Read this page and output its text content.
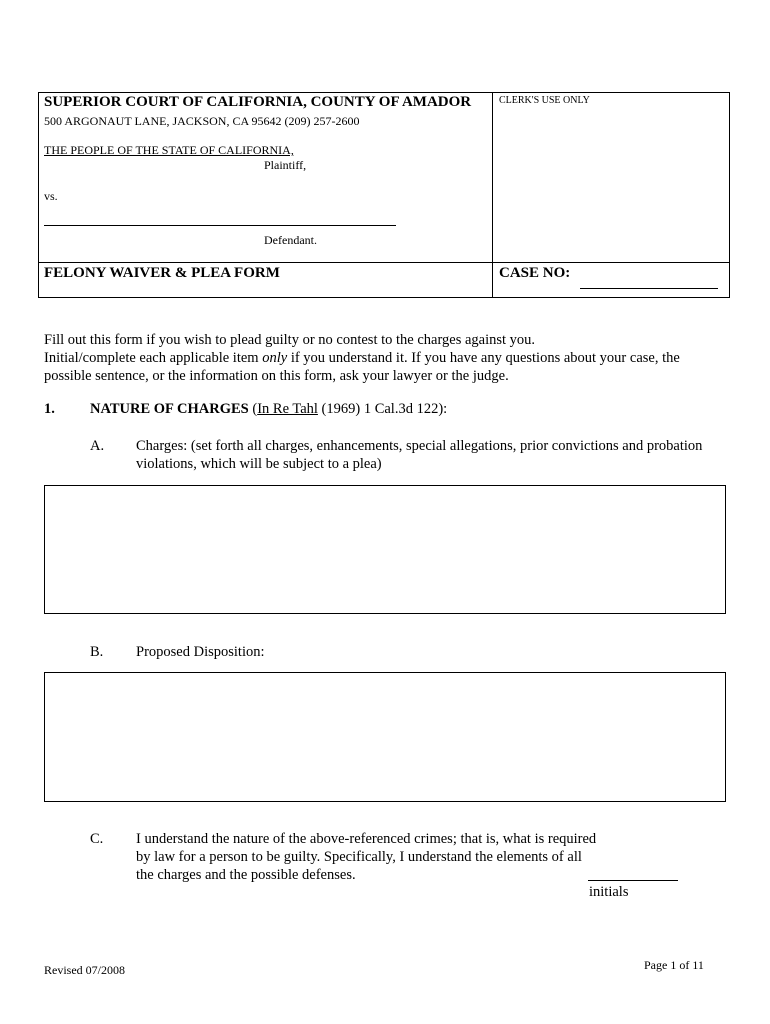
SUPERIOR COURT OF CALIFORNIA, COUNTY OF AMADOR
500 ARGONAUT LANE, JACKSON, CA 95642 (209) 257-2600
THE PEOPLE OF THE STATE OF CALIFORNIA,
Plaintiff,
vs.
Defendant.
CLERK'S USE ONLY
FELONY WAIVER & PLEA FORM	CASE NO:
Fill out this form if you wish to plead guilty or no contest to the charges against you.
Initial/complete each applicable item only if you understand it. If you have any questions about your case, the
possible sentence, or the information on this form, ask your lawyer or the judge.
1. NATURE OF CHARGES (In Re Tahl (1969) 1 Cal.3d 122):
A. Charges: (set forth all charges, enhancements, special allegations, prior convictions and probation
violations, which will be subject to a plea)
B. Proposed Disposition:
C. I understand the nature of the above-referenced crimes; that is, what is required
by law for a person to be guilty. Specifically, I understand the elements of all
the charges and the possible defenses.
initials
Revised 07/2008	Page 1 of 11
